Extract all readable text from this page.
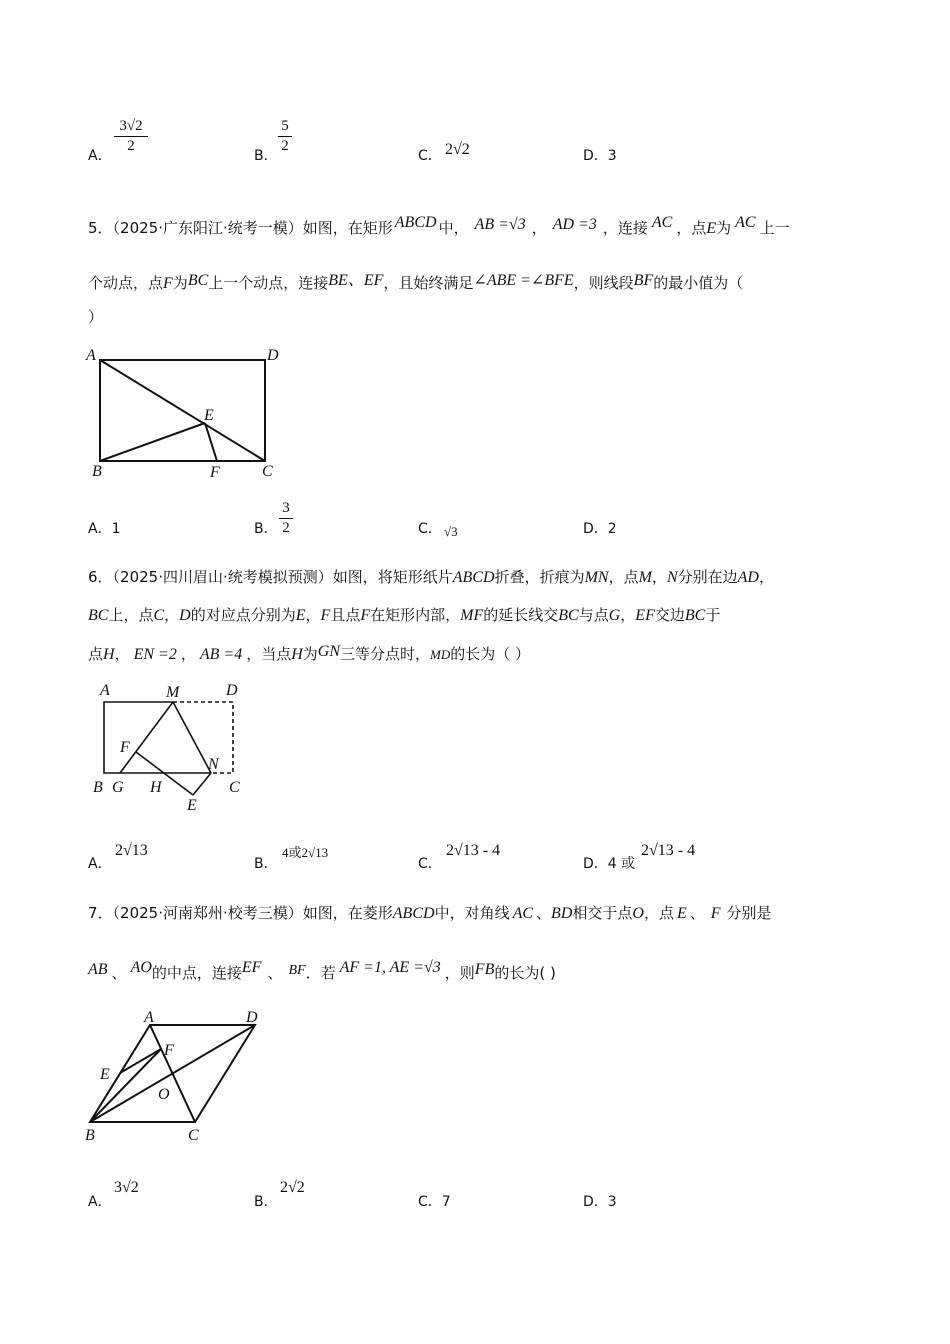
A．
3√2
2
B．
5
2
C． 2√2	D．3
5．（2025·广东阳江·统考一模）如图，在矩形 ABCD 中， AB =√3 ， AD =3 ，连接 AC ，点E为 AC 上一
个动点，点F为BC上一个动点，连接BE、EF，且始终满足∠ABE =∠BFE，则线段BF的最小值为（
）
A	D
E
B	F	C
A．1	B．
3
2	C． √3	D．2
6．（2025·四川眉山·统考模拟预测）如图，将矩形纸片ABCD折叠，折痕为MN，点M，N分别在边AD，
BC上，点C，D的对应点分别为E，F且点F在矩形内部，MF的延长线交BC与点G，EF交边BC于
点H， EN =2 ， AB =4 ，当点H为GN三等分点时，MD的长为（ ）
A	M	D
F
N
B G H	C
E
A．
2√13
B．
4或2√13
C．
2√13 - 4
D．4 或
2√13 - 4
7．（2025·河南郑州·校考三模）如图，在菱形ABCD中，对角线 AC 、BD相交于点O，点 E 、 F 分别是
AB 、 AO的中点，连接EF 、 BF．若 AF =1, AE =√3 ，则FB的长为( )
A	D
F
E
O
B	C
A．
3√2
B．
2√2
C．7	D．3
